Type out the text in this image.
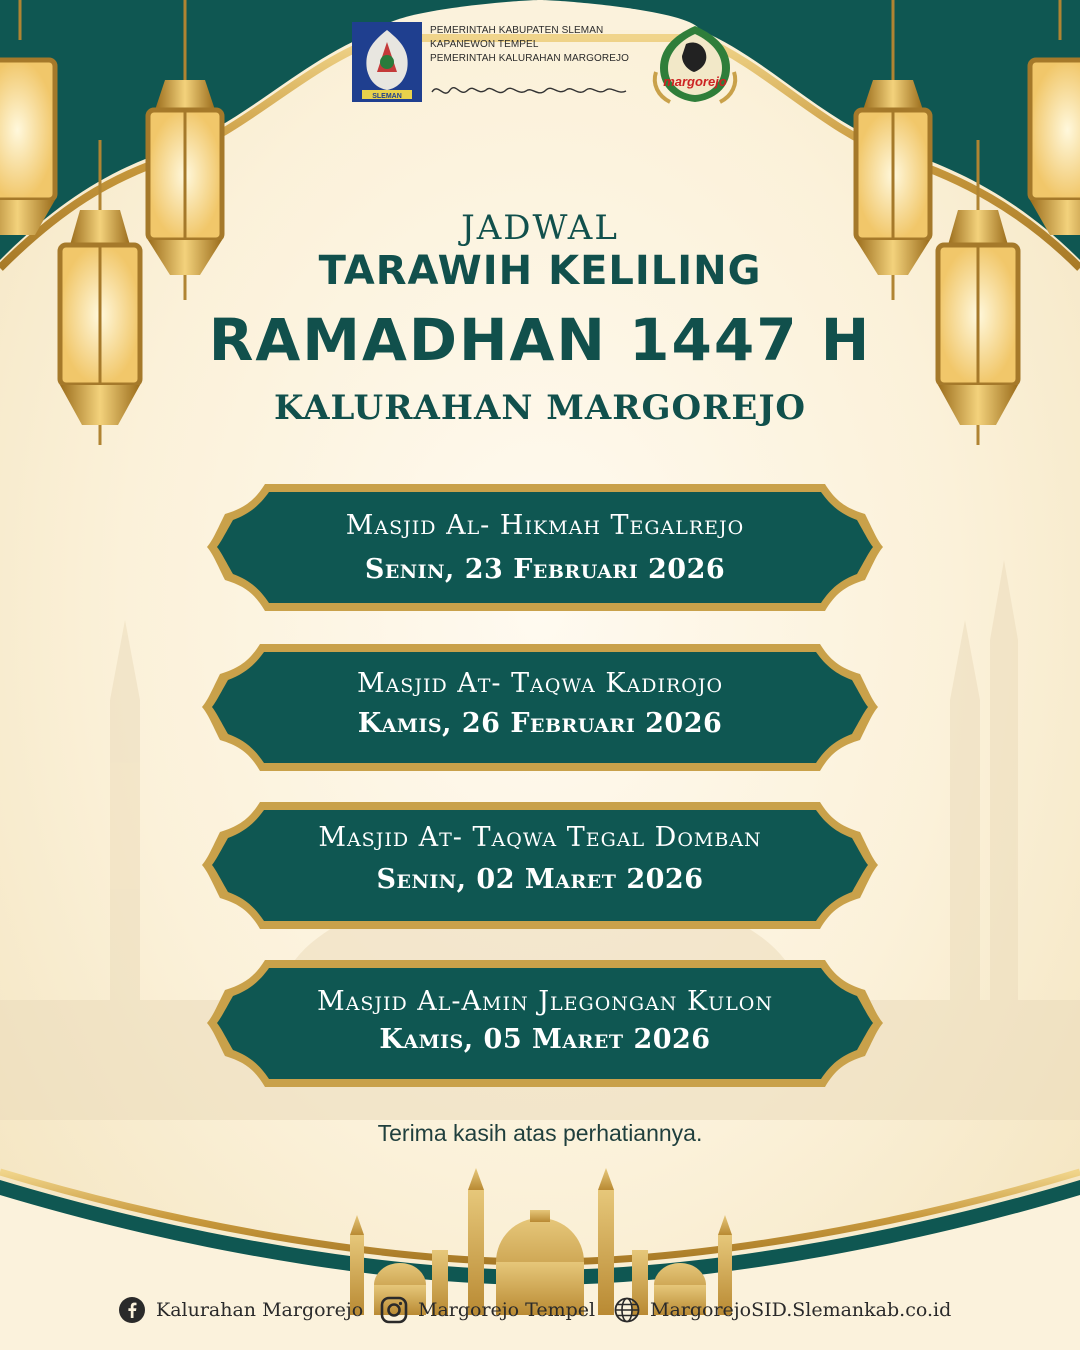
SLEMAN
PEMERINTAH KABUPATEN SLEMAN
KAPANEWON TEMPEL
PEMERINTAH KALURAHAN MARGOREJO
margorejo
JADWAL
TARAWIH KELILING
RAMADHAN 1447 H
KALURAHAN MARGOREJO
Masjid Al- Hikmah Tegalrejo
Senin, 23 Februari 2026
Masjid At- Taqwa Kadirojo
Kamis, 26 Februari 2026
Masjid At- Taqwa Tegal Domban
Senin, 02 Maret 2026
Masjid Al-Amin Jlegongan Kulon
Kamis, 05 Maret 2026
Terima kasih atas perhatiannya.
Kalurahan Margorejo	Margorejo Tempel	MargorejoSID.Slemankab.co.id
